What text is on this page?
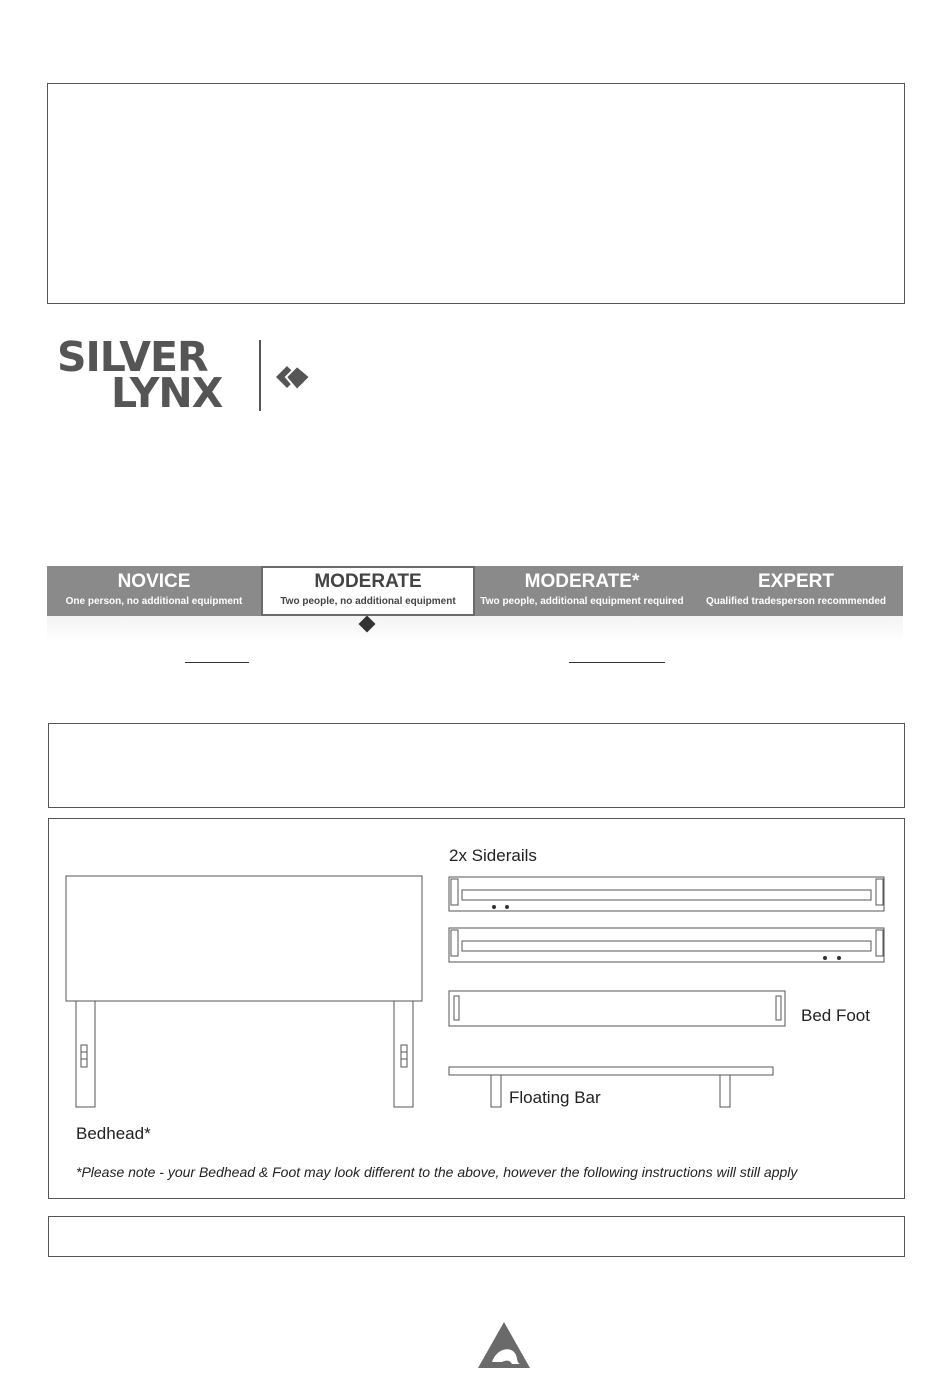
SILVER
LYNX
NOVICE
One person, no additional equipment
MODERATE
Two people, no additional equipment
MODERATE*
Two people, additional equipment required
EXPERT
Qualified tradesperson recommended
2x Siderails
Bed Foot
Floating Bar
Bedhead*
*Please note - your Bedhead & Foot may look different to the above, however the following instructions will still apply
